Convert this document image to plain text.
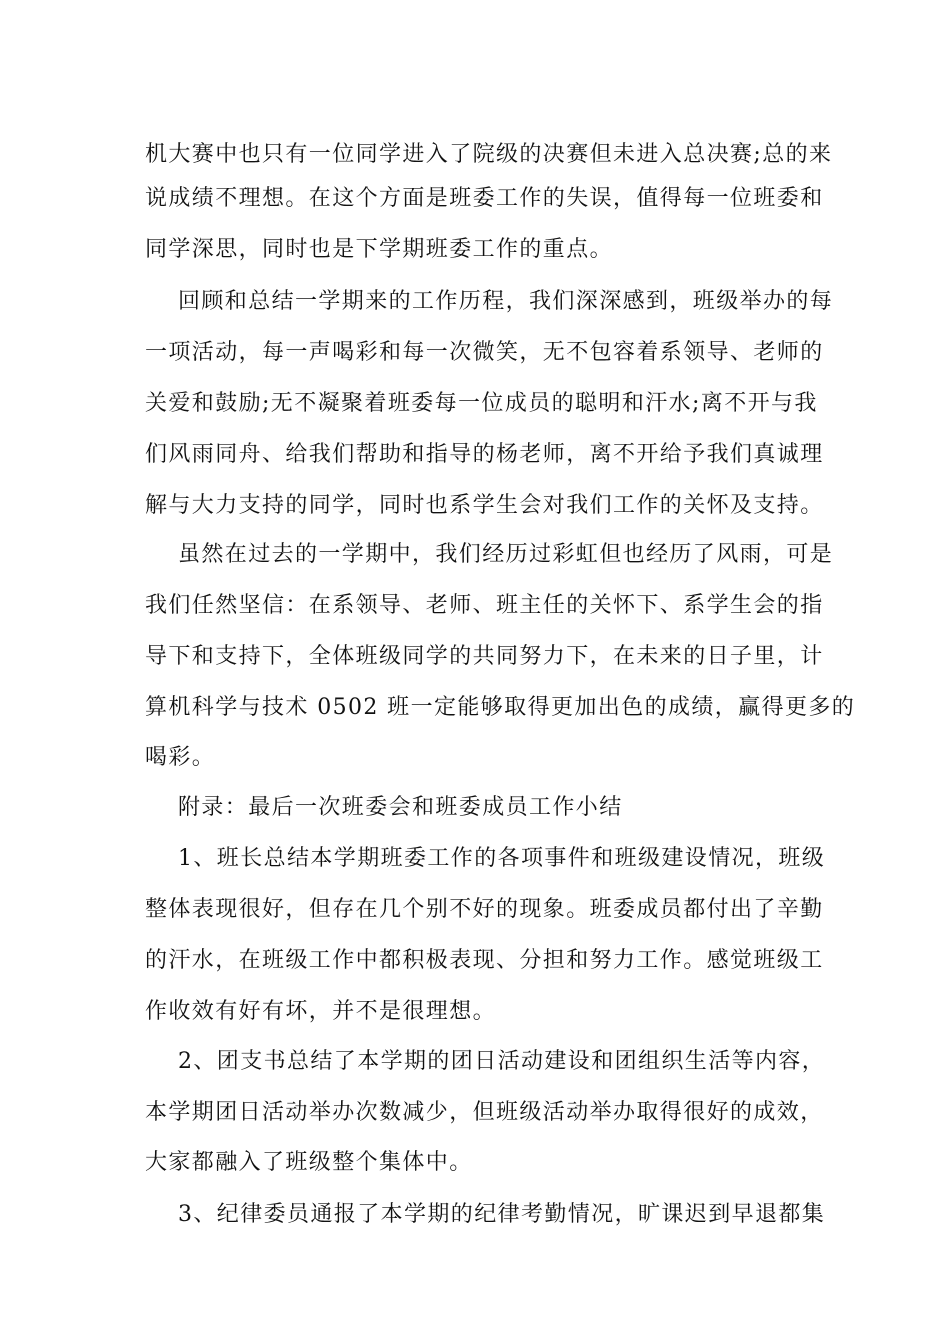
机大赛中也只有一位同学进入了院级的决赛但未进入总决赛;总的来
说成绩不理想。在这个方面是班委工作的失误，值得每一位班委和
同学深思，同时也是下学期班委工作的重点。
回顾和总结一学期来的工作历程，我们深深感到，班级举办的每
一项活动，每一声喝彩和每一次微笑，无不包容着系领导、老师的
关爱和鼓励;无不凝聚着班委每一位成员的聪明和汗水;离不开与我
们风雨同舟、给我们帮助和指导的杨老师，离不开给予我们真诚理
解与大力支持的同学，同时也系学生会对我们工作的关怀及支持。
虽然在过去的一学期中，我们经历过彩虹但也经历了风雨，可是
我们任然坚信：在系领导、老师、班主任的关怀下、系学生会的指
导下和支持下，全体班级同学的共同努力下，在未来的日子里，计
算机科学与技术 0502 班一定能够取得更加出色的成绩，赢得更多的
喝彩。
附录：最后一次班委会和班委成员工作小结
1、班长总结本学期班委工作的各项事件和班级建设情况，班级
整体表现很好，但存在几个别不好的现象。班委成员都付出了辛勤
的汗水，在班级工作中都积极表现、分担和努力工作。感觉班级工
作收效有好有坏，并不是很理想。
2、团支书总结了本学期的团日活动建设和团组织生活等内容，
本学期团日活动举办次数减少，但班级活动举办取得很好的成效，
大家都融入了班级整个集体中。
3、纪律委员通报了本学期的纪律考勤情况，旷课迟到早退都集
